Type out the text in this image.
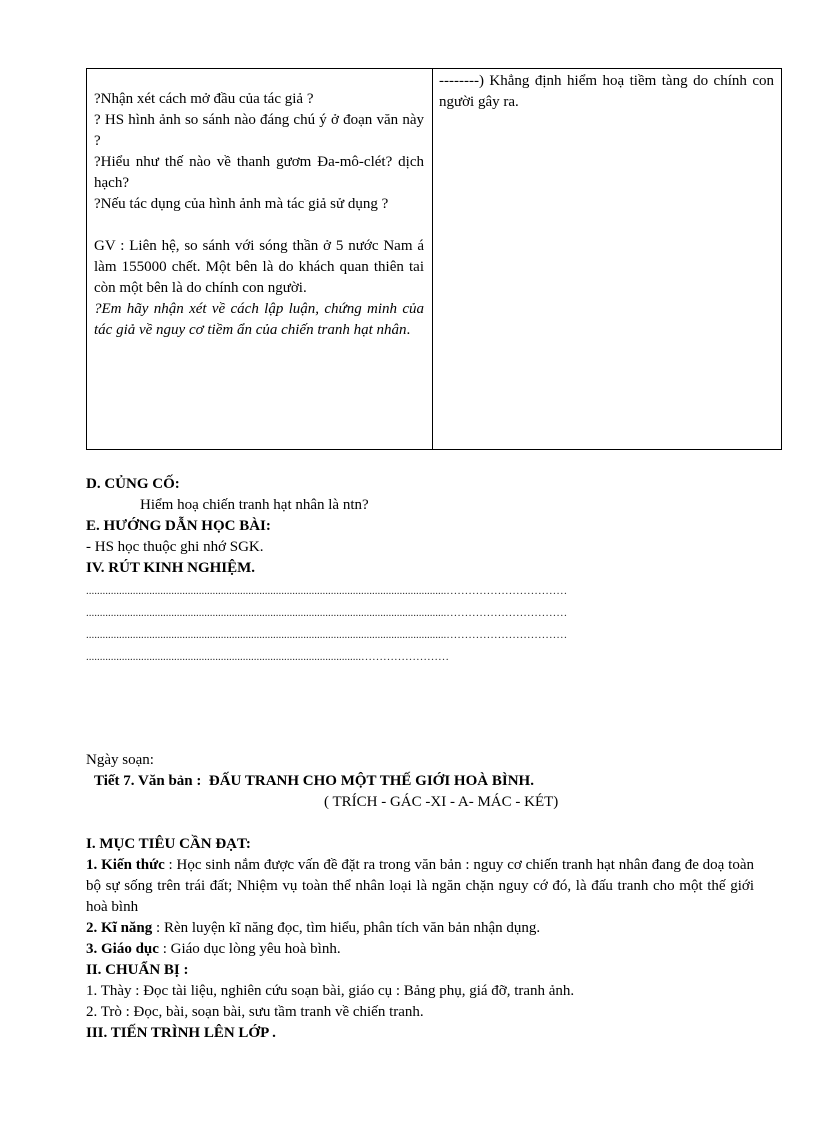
?Nhận xét cách mở đầu của tác giả ?

? HS hình ảnh so sánh nào đáng chú ý ở đoạn văn này ?

?Hiểu như thế nào về thanh gươm Đa-mô-clét? dịch hạch?

?Nếu tác dụng của hình ảnh mà tác giả sử dụng ?

GV : Liên hệ, so sánh với sóng thần ở 5 nước Nam á làm 155000 chết. Một bên là do khách quan thiên tai còn một bên là do chính con người.

?Em hãy nhận xét về cách lập luận, chứng minh của tác giả về nguy cơ tiềm ẩn của chiến tranh hạt nhân.

--------) Khẳng định hiểm hoạ tiềm tàng do chính con người gây ra.

D. CỦNG CỐ:

Hiểm hoạ chiến tranh hạt nhân là ntn?

E. HƯỚNG DẪN HỌC BÀI:

- HS học thuộc ghi nhớ SGK.

IV. RÚT KINH NGHIỆM.

...................................................................................................................................……………………………
...................................................................................................................................……………………………
...................................................................................................................................……………………………
....................................................................................................……………………

Ngày soạn:

Tiết 7. Văn bản : ĐẤU TRANH CHO MỘT THẾ GIỚI HOÀ BÌNH.

( TRÍCH - GÁC -XI - A- MÁC - KÉT)

I. MỤC TIÊU CẦN ĐẠT:

1. Kiến thức : Học sinh nắm được vấn đề đặt ra trong văn bản : nguy cơ chiến tranh hạt nhân đang đe doạ toàn bộ sự sống trên trái đất; Nhiệm vụ toàn thể nhân loại là ngăn chặn nguy cớ đó, là đấu tranh cho một thế giới hoà bình

2. Kĩ năng : Rèn luyện kĩ năng đọc, tìm hiểu, phân tích văn bản nhận dụng.

3. Giáo dục : Giáo dục lòng yêu hoà bình.

II. CHUẨN BỊ :

1. Thày : Đọc tài liệu, nghiên cứu soạn bài, giáo cụ : Bảng phụ, giá đỡ, tranh ảnh.

2. Trò : Đọc, bài, soạn bài, sưu tầm tranh về chiến tranh.

III. TIẾN TRÌNH LÊN LỚP .
